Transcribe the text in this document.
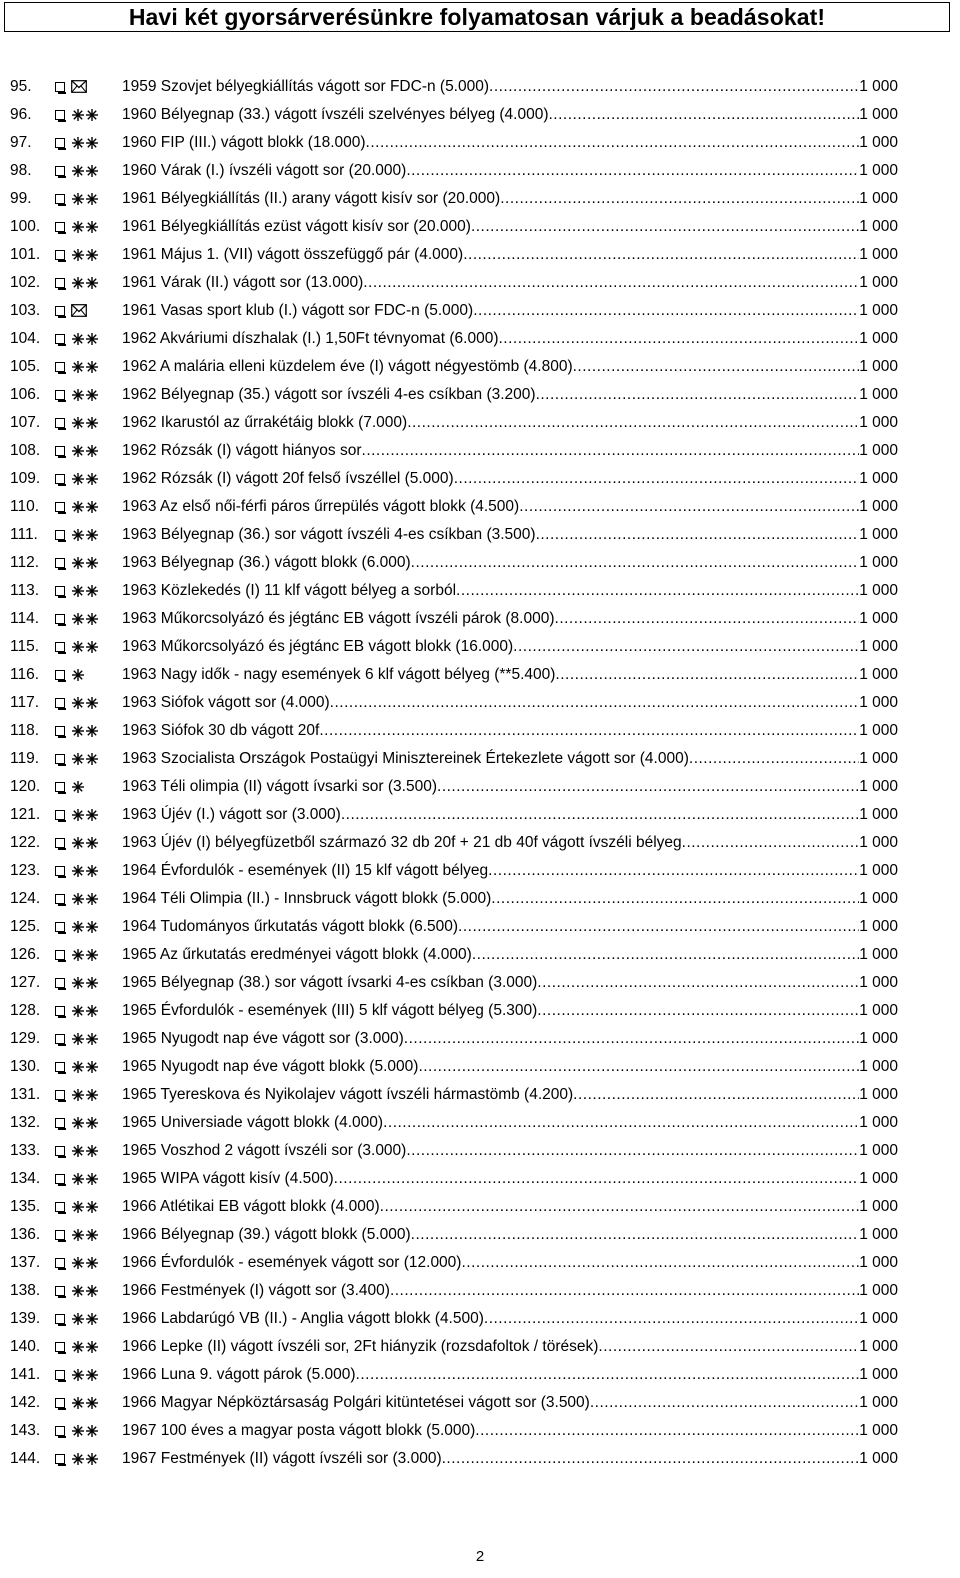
Havi két gyorsárverésünkre folyamatosan várjuk a beadásokat!
95.	1959 Szovjet bélyegkiállítás vágott sor FDC-n (5.000) .....	1 000
96.	1960 Bélyegnap (33.) vágott ívszéli szelvényes bélyeg (4.000) .....	1 000
97.	1960 FIP (III.) vágott blokk (18.000) .....	1 000
98.	1960 Várak (I.) ívszéli vágott sor (20.000) .....	1 000
99.	1961 Bélyegkiállítás (II.) arany vágott kisív sor (20.000) .....	1 000
100.	1961 Bélyegkiállítás ezüst vágott kisív sor (20.000) .....	1 000
101.	1961 Május 1. (VII) vágott összefüggő pár (4.000) .....	1 000
102.	1961 Várak (II.) vágott sor (13.000) .....	1 000
103.	1961 Vasas sport klub (I.) vágott sor FDC-n (5.000) .....	1 000
104.	1962 Akváriumi díszhalak (I.) 1,50Ft tévnyomat (6.000) .....	1 000
105.	1962 A malária elleni küzdelem éve (I) vágott négyestömb (4.800) .....	1 000
106.	1962 Bélyegnap (35.) vágott sor ívszéli 4-es csíkban (3.200) .....	1 000
107.	1962 Ikarustól az űrrakétáig blokk (7.000) .....	1 000
108.	1962 Rózsák (I) vágott hiányos sor .....	1 000
109.	1962 Rózsák (I) vágott 20f felső ívszéllel (5.000) .....	1 000
110.	1963 Az első női-férfi páros űrrepülés vágott blokk (4.500) .....	1 000
111.	1963 Bélyegnap (36.) sor vágott ívszéli 4-es csíkban (3.500) .....	1 000
112.	1963 Bélyegnap (36.) vágott blokk (6.000) .....	1 000
113.	1963 Közlekedés (I) 11 klf vágott bélyeg a sorból .....	1 000
114.	1963 Műkorcsolyázó és jégtánc EB vágott ívszéli párok (8.000) .....	1 000
115.	1963 Műkorcsolyázó és jégtánc EB vágott blokk (16.000) .....	1 000
116.	1963 Nagy idők - nagy események 6 klf vágott bélyeg (**5.400) .....	1 000
117.	1963 Siófok vágott sor (4.000) .....	1 000
118.	1963 Siófok 30 db vágott 20f .....	1 000
119.	1963 Szocialista Országok Postaügyi Minisztereinek Értekezlete vágott sor (4.000) .....	1 000
120.	1963 Téli olimpia (II) vágott ívsarki sor (3.500) .....	1 000
121.	1963 Újév (I.) vágott sor (3.000) .....	1 000
122.	1963 Újév (I) bélyegfüzetből származó 32 db 20f + 21 db 40f vágott ívszéli bélyeg .....	1 000
123.	1964 Évfordulók - események (II) 15 klf vágott bélyeg .....	1 000
124.	1964 Téli Olimpia (II.) - Innsbruck vágott blokk (5.000) .....	1 000
125.	1964 Tudományos űrkutatás vágott blokk (6.500) .....	1 000
126.	1965 Az űrkutatás eredményei vágott blokk (4.000) .....	1 000
127.	1965 Bélyegnap (38.) sor vágott ívsarki 4-es csíkban (3.000) .....	1 000
128.	1965 Évfordulók - események (III) 5 klf vágott bélyeg (5.300) .....	1 000
129.	1965 Nyugodt nap éve vágott sor (3.000) .....	1 000
130.	1965 Nyugodt nap éve vágott blokk (5.000) .....	1 000
131.	1965 Tyereskova és Nyikolajev vágott ívszéli hármastömb (4.200) .....	1 000
132.	1965 Universiade vágott blokk (4.000) .....	1 000
133.	1965 Voszhod 2 vágott ívszéli sor (3.000) .....	1 000
134.	1965 WIPA vágott kisív (4.500) .....	1 000
135.	1966 Atlétikai EB vágott blokk (4.000) .....	1 000
136.	1966 Bélyegnap (39.) vágott blokk (5.000) .....	1 000
137.	1966 Évfordulók - események vágott sor (12.000) .....	1 000
138.	1966 Festmények (I) vágott sor (3.400) .....	1 000
139.	1966 Labdarúgó VB (II.) - Anglia vágott blokk (4.500) .....	1 000
140.	1966 Lepke (II) vágott ívszéli sor, 2Ft hiányzik (rozsdafoltok / törések) .....	1 000
141.	1966 Luna 9. vágott párok (5.000) .....	1 000
142.	1966 Magyar Népköztársaság Polgári kitüntetései vágott sor (3.500) .....	1 000
143.	1967 100 éves a magyar posta vágott blokk (5.000) .....	1 000
144.	1967 Festmények (II) vágott ívszéli sor (3.000) .....	1 000
2
